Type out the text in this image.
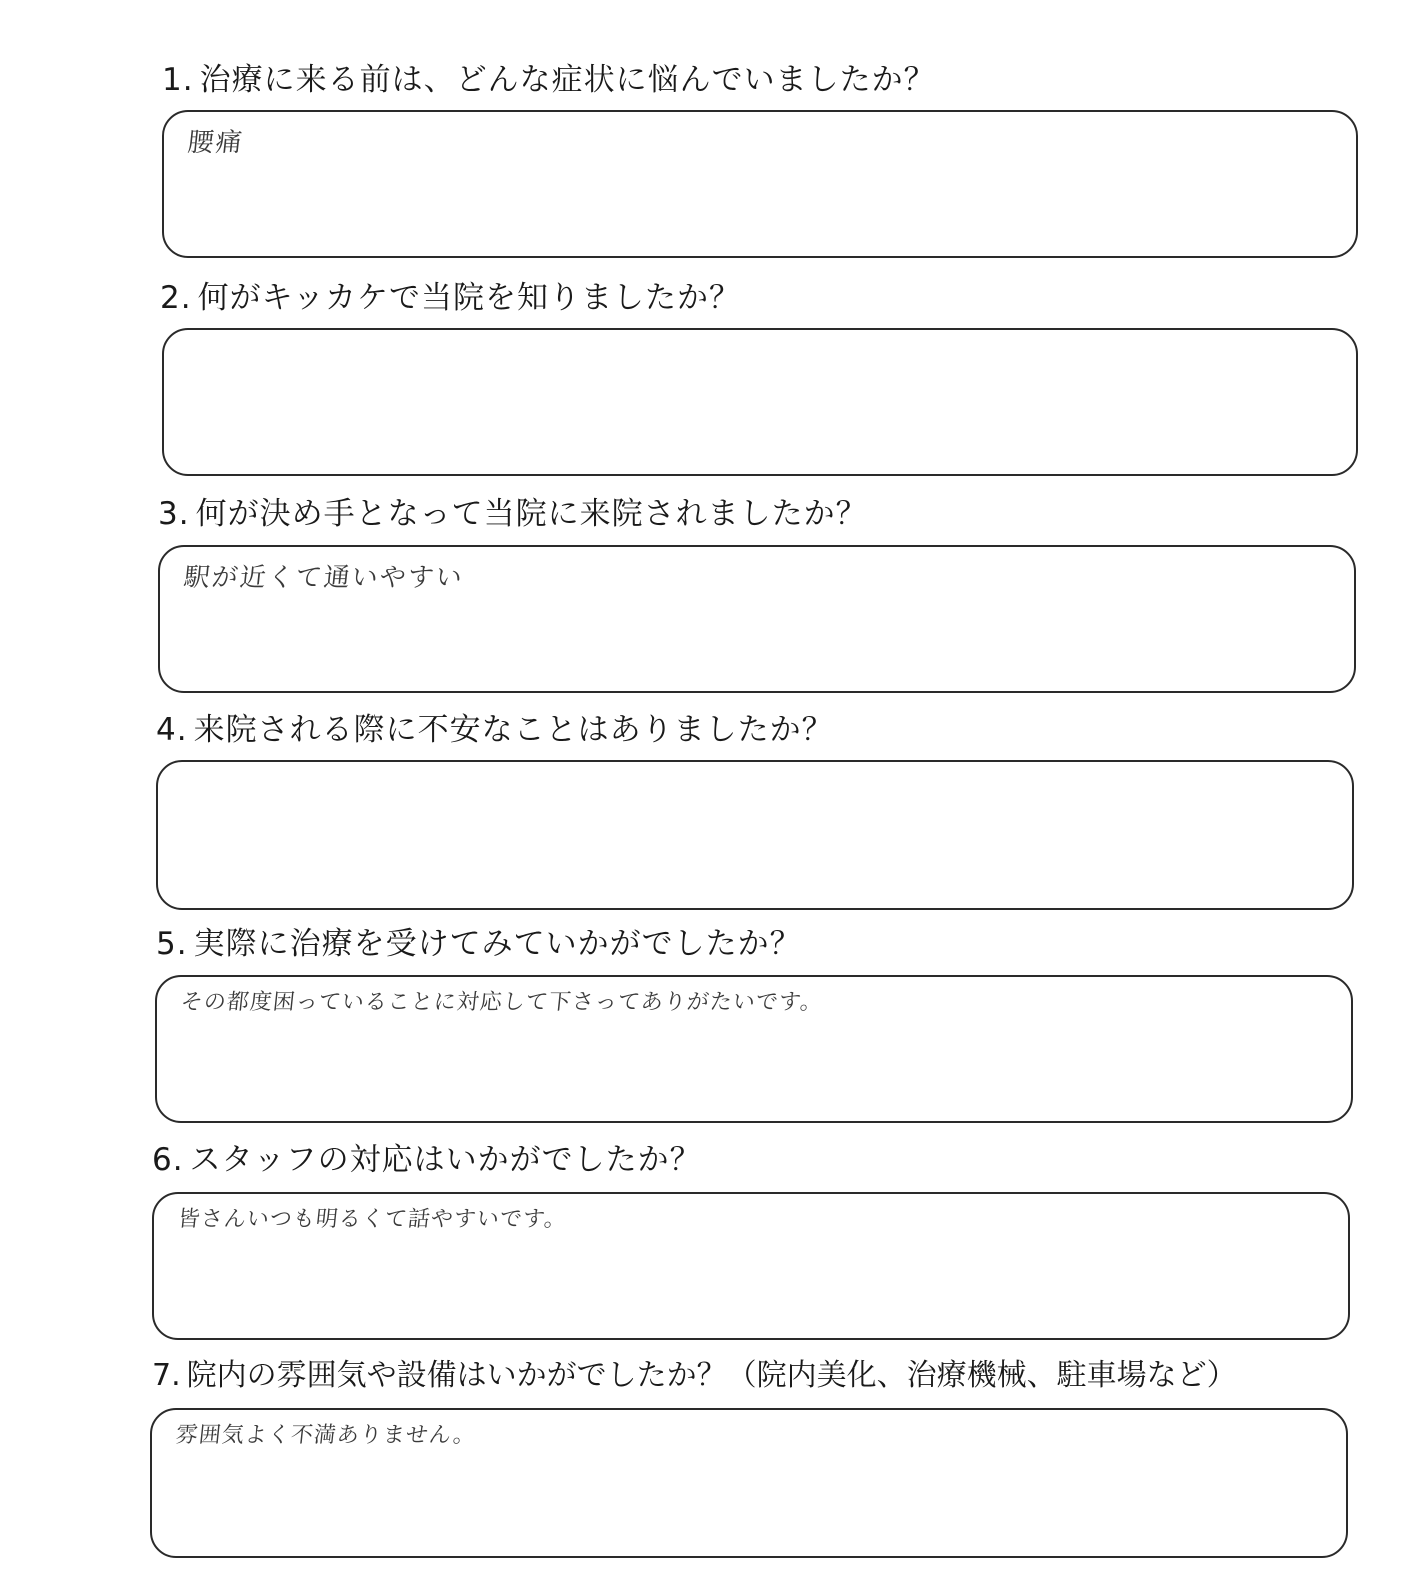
1. 治療に来る前は、どんな症状に悩んでいましたか？
腰痛
2. 何がキッカケで当院を知りましたか？
3. 何が決め手となって当院に来院されましたか？
駅が近くて通いやすい
4. 来院される際に不安なことはありましたか？
5. 実際に治療を受けてみていかがでしたか？
その都度困っていることに対応して下さってありがたいです。
6. スタッフの対応はいかがでしたか？
皆さんいつも明るくて話やすいです。
7. 院内の雰囲気や設備はいかがでしたか？（院内美化、治療機械、駐車場など）
雰囲気よく不満ありません。
